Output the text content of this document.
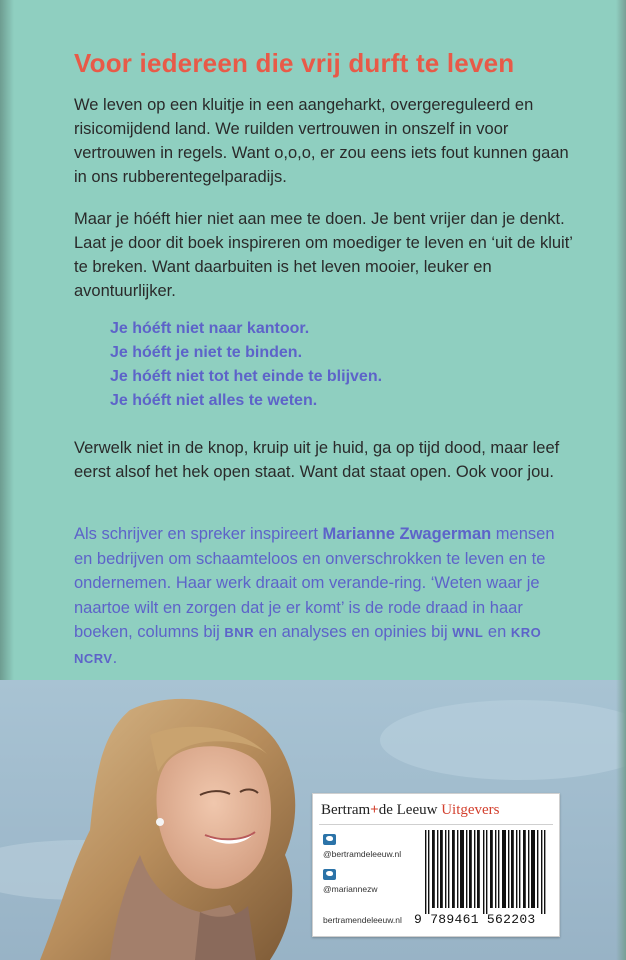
Voor iedereen die vrij durft te leven

We leven op een kluitje in een aangeharkt, overgereguleerd en risicomijdend land. We ruilden vertrouwen in onszelf in voor vertrouwen in regels. Want o,o,o, er zou eens iets fout kunnen gaan in ons rubberentegelparadijs.

Maar je hóéft hier niet aan mee te doen. Je bent vrijer dan je denkt. Laat je door dit boek inspireren om moediger te leven en ‘uit de kluit’ te breken. Want daarbuiten is het leven mooier, leuker en avontuurlijker.

Je hóéft niet naar kantoor.
Je hóéft je niet te binden.
Je hóéft niet tot het einde te blijven.
Je hóéft niet alles te weten.

Verwelk niet in de knop, kruip uit je huid, ga op tijd dood, maar leef eerst alsof het hek open staat. Want dat staat open. Ook voor jou.

Als schrijver en spreker inspireert Marianne Zwagerman mensen en bedrijven om schaamteloos en onverschrokken te leven en te ondernemen. Haar werk draait om verande-ring. ‘Weten waar je naartoe wilt en zorgen dat je er komt’ is de rode draad in haar boeken, columns bij BNR en analyses en opinies bij WNL en KRO NCRV.

Bertram+de Leeuw Uitgevers
@bertramdeleeuw.nl
@mariannezw
bertramendeleeuw.nl 9 789461 562203
